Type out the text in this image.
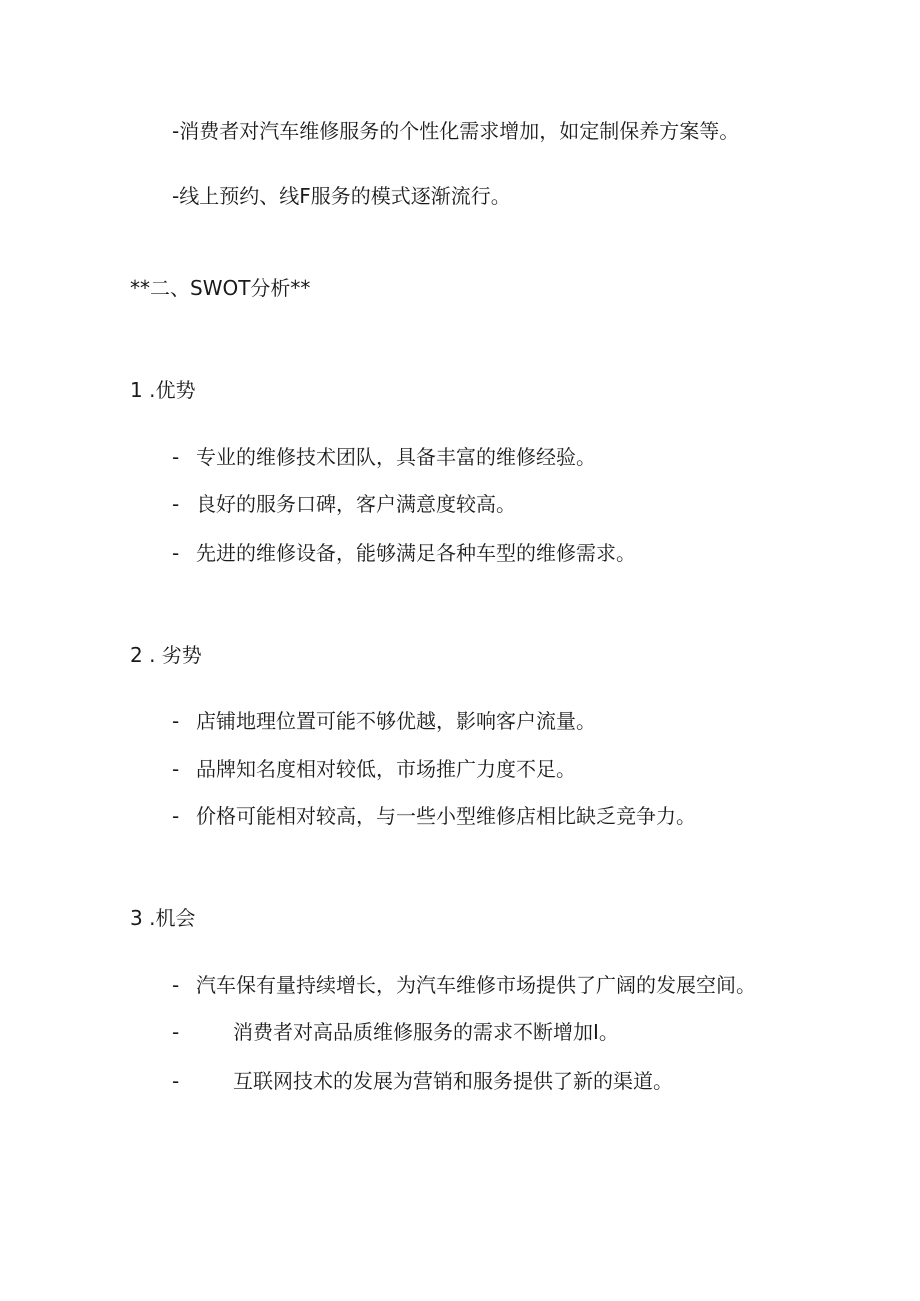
-消费者对汽车维修服务的个性化需求增加，如定制保养方案等。
-线上预约、线F服务的模式逐渐流行。
**二、SWOT分析**
1 .优势
- 专业的维修技术团队，具备丰富的维修经验。
- 良好的服务口碑，客户满意度较高。
- 先进的维修设备，能够满足各种车型的维修需求。
2 . 劣势
- 店铺地理位置可能不够优越，影响客户流量。
- 品牌知名度相对较低，市场推广力度不足。
- 价格可能相对较高，与一些小型维修店相比缺乏竞争力。
3 .机会
- 汽车保有量持续增长，为汽车维修市场提供了广阔的发展空间。
-	消费者对高品质维修服务的需求不断增加I。
-	互联网技术的发展为营销和服务提供了新的渠道。
